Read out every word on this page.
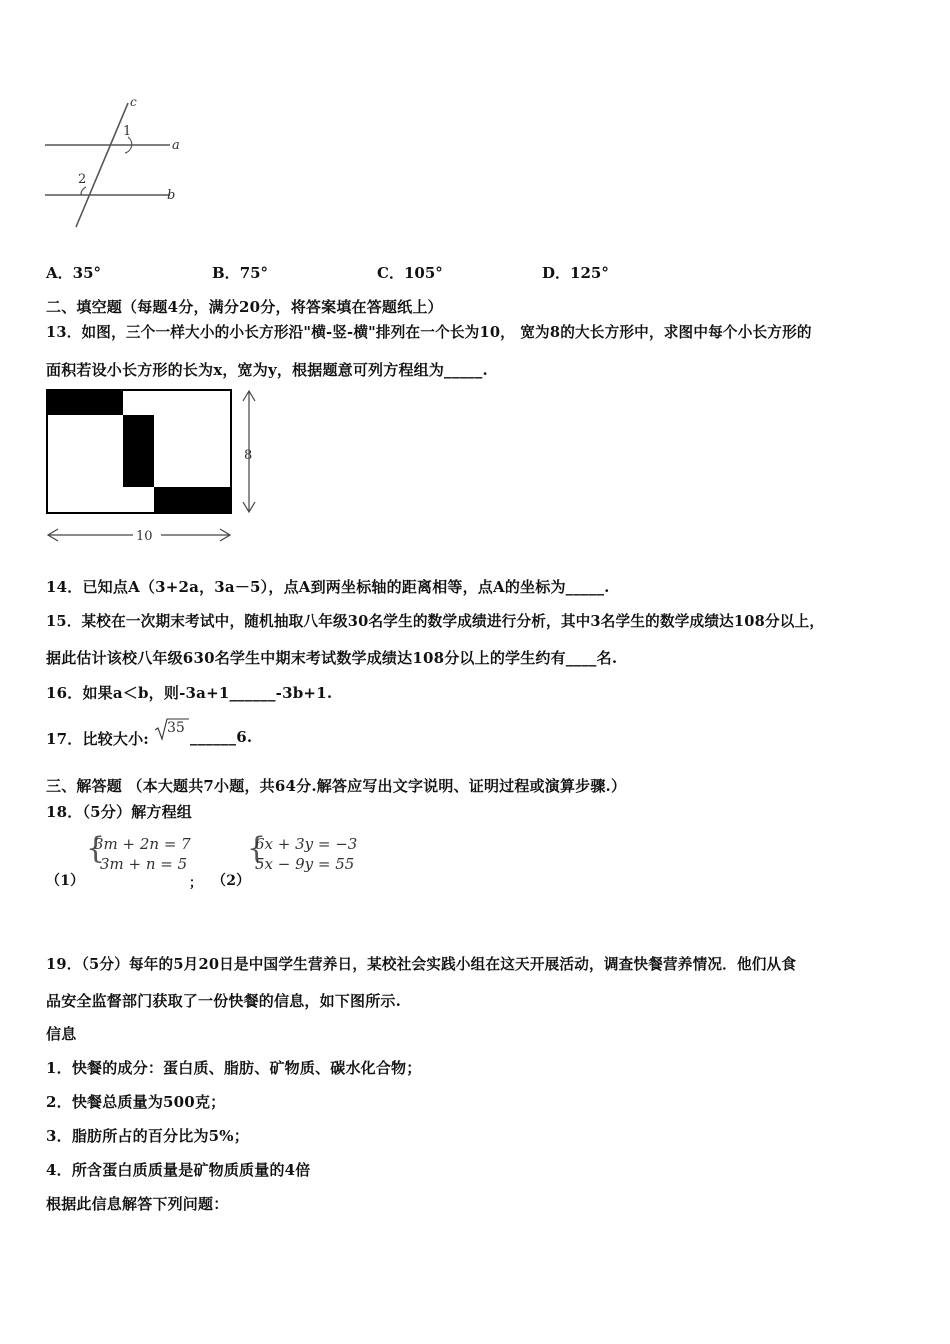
c
1
a
2
b
A．35°	B．75°	C．105°	D．125°
二、填空题（每题4分，满分20分，将答案填在答题纸上）
13．如图，三个一样大小的小长方形沿"横-竖-横"排列在一个长为10， 宽为8的大长方形中，求图中每个小长方形的
面积若设小长方形的长为x，宽为y，根据题意可列方程组为_____.
8
10
14．已知点A（3+2a，3a－5），点A到两坐标轴的距离相等，点A的坐标为_____.
15．某校在一次期末考试中，随机抽取八年级30名学生的数学成绩进行分析，其中3名学生的数学成绩达108分以上，
据此估计该校八年级630名学生中期末考试数学成绩达108分以上的学生约有____名.
16．如果a＜b，则-3a+1______-3b+1.
17．比较大小:
35 ______6.
三、解答题 （本大题共7小题，共64分.解答应写出文字说明、证明过程或演算步骤.）
18．（5分）解方程组
（1）
{
3m + 2n = 7
3m + n = 5
； （2）
{
6x + 3y = −3
5x − 9y = 55
19．（5分）每年的5月20日是中国学生营养日，某校社会实践小组在这天开展活动，调查快餐营养情况．他们从食
品安全监督部门获取了一份快餐的信息，如下图所示.
信息
1．快餐的成分：蛋白质、脂肪、矿物质、碳水化合物；
2．快餐总质量为500克；
3．脂肪所占的百分比为5%；
4．所含蛋白质质量是矿物质质量的4倍
根据此信息解答下列问题：
